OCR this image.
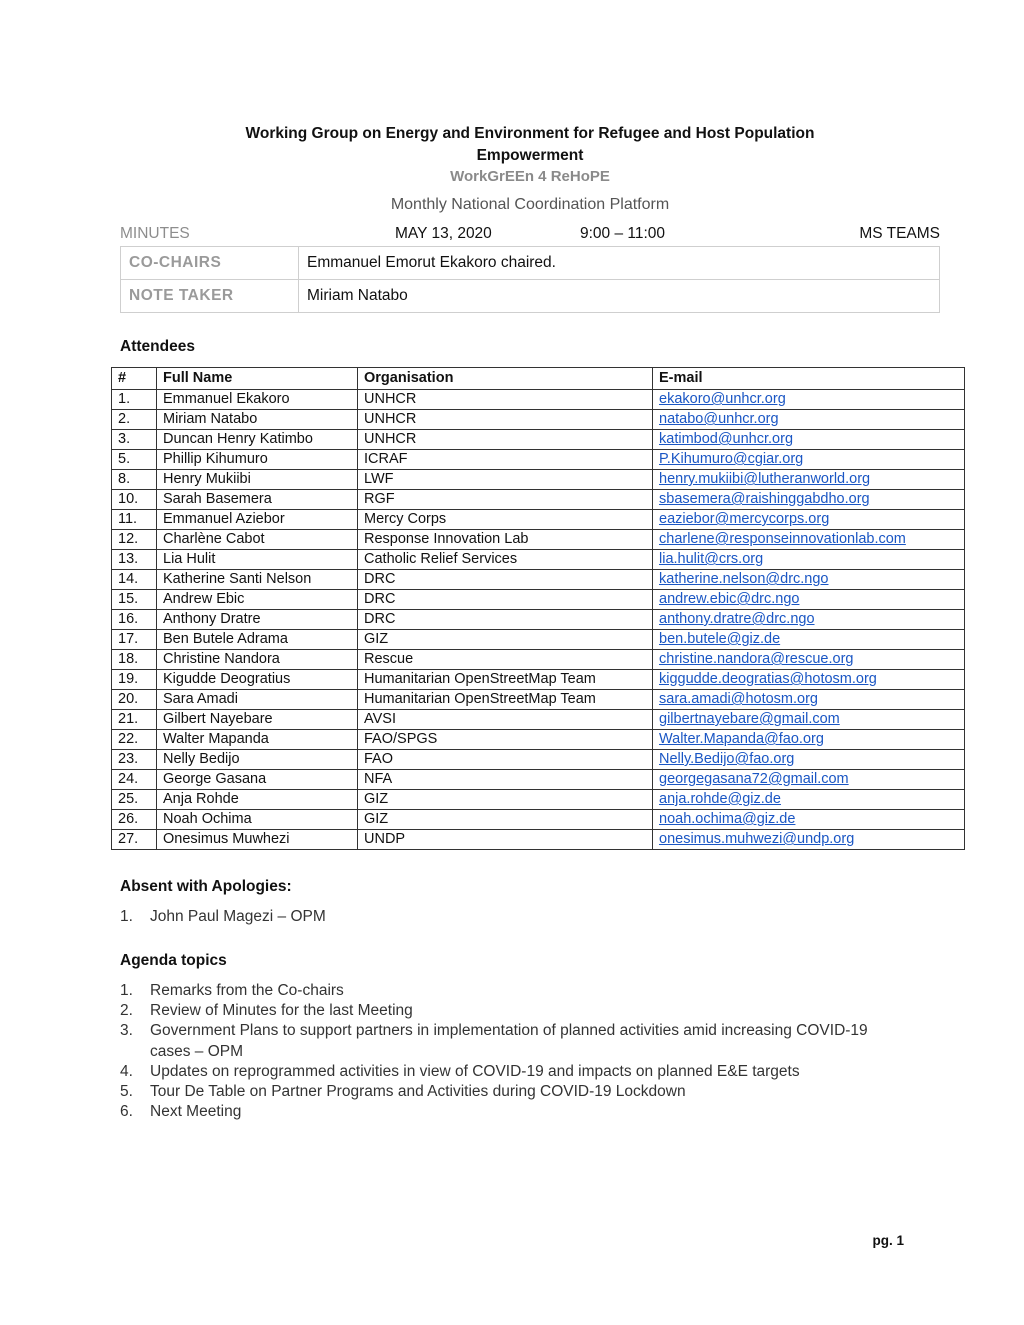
Working Group on Energy and Environment for Refugee and Host Population
Empowerment
WorkGrEEn 4 ReHoPE
Monthly National Coordination Platform
MINUTES	MAY 13, 2020	9:00 – 11:00	MS TEAMS
CO-CHAIRS	Emmanuel Emorut Ekakoro chaired.
NOTE TAKER	Miriam Natabo
Attendees
#	Full Name	Organisation	E-mail
1.	Emmanuel Ekakoro	UNHCR	ekakoro@unhcr.org
2.	Miriam Natabo	UNHCR	natabo@unhcr.org
3.	Duncan Henry Katimbo	UNHCR	katimbod@unhcr.org
5.	Phillip Kihumuro	ICRAF	P.Kihumuro@cgiar.org
8.	Henry Mukiibi	LWF	henry.mukiibi@lutheranworld.org
10.	Sarah Basemera	RGF	sbasemera@raishinggabdho.org
11.	Emmanuel Aziebor	Mercy Corps	eaziebor@mercycorps.org
12.	Charlène Cabot	Response Innovation Lab	charlene@responseinnovationlab.com
13.	Lia Hulit	Catholic Relief Services	lia.hulit@crs.org
14.	Katherine Santi Nelson	DRC	katherine.nelson@drc.ngo
15.	Andrew Ebic	DRC	andrew.ebic@drc.ngo
16.	Anthony Dratre	DRC	anthony.dratre@drc.ngo
17.	Ben Butele Adrama	GIZ	ben.butele@giz.de
18.	Christine Nandora	Rescue	christine.nandora@rescue.org
19.	Kigudde Deogratius	Humanitarian OpenStreetMap Team	kiggudde.deogratias@hotosm.org
20.	Sara Amadi	Humanitarian OpenStreetMap Team	sara.amadi@hotosm.org
21.	Gilbert Nayebare	AVSI	gilbertnayebare@gmail.com
22.	Walter Mapanda	FAO/SPGS	Walter.Mapanda@fao.org
23.	Nelly Bedijo	FAO	Nelly.Bedijo@fao.org
24.	George Gasana	NFA	georgegasana72@gmail.com
25.	Anja Rohde	GIZ	anja.rohde@giz.de
26.	Noah Ochima	GIZ	noah.ochima@giz.de
27.	Onesimus Muwhezi	UNDP	onesimus.muhwezi@undp.org
Absent with Apologies:
1. John Paul Magezi – OPM
Agenda topics
1. Remarks from the Co-chairs
2. Review of Minutes for the last Meeting
3. Government Plans to support partners in implementation of planned activities amid increasing COVID-19 cases – OPM
4. Updates on reprogrammed activities in view of COVID-19 and impacts on planned E&E targets
5. Tour De Table on Partner Programs and Activities during COVID-19 Lockdown
6. Next Meeting
pg. 1
